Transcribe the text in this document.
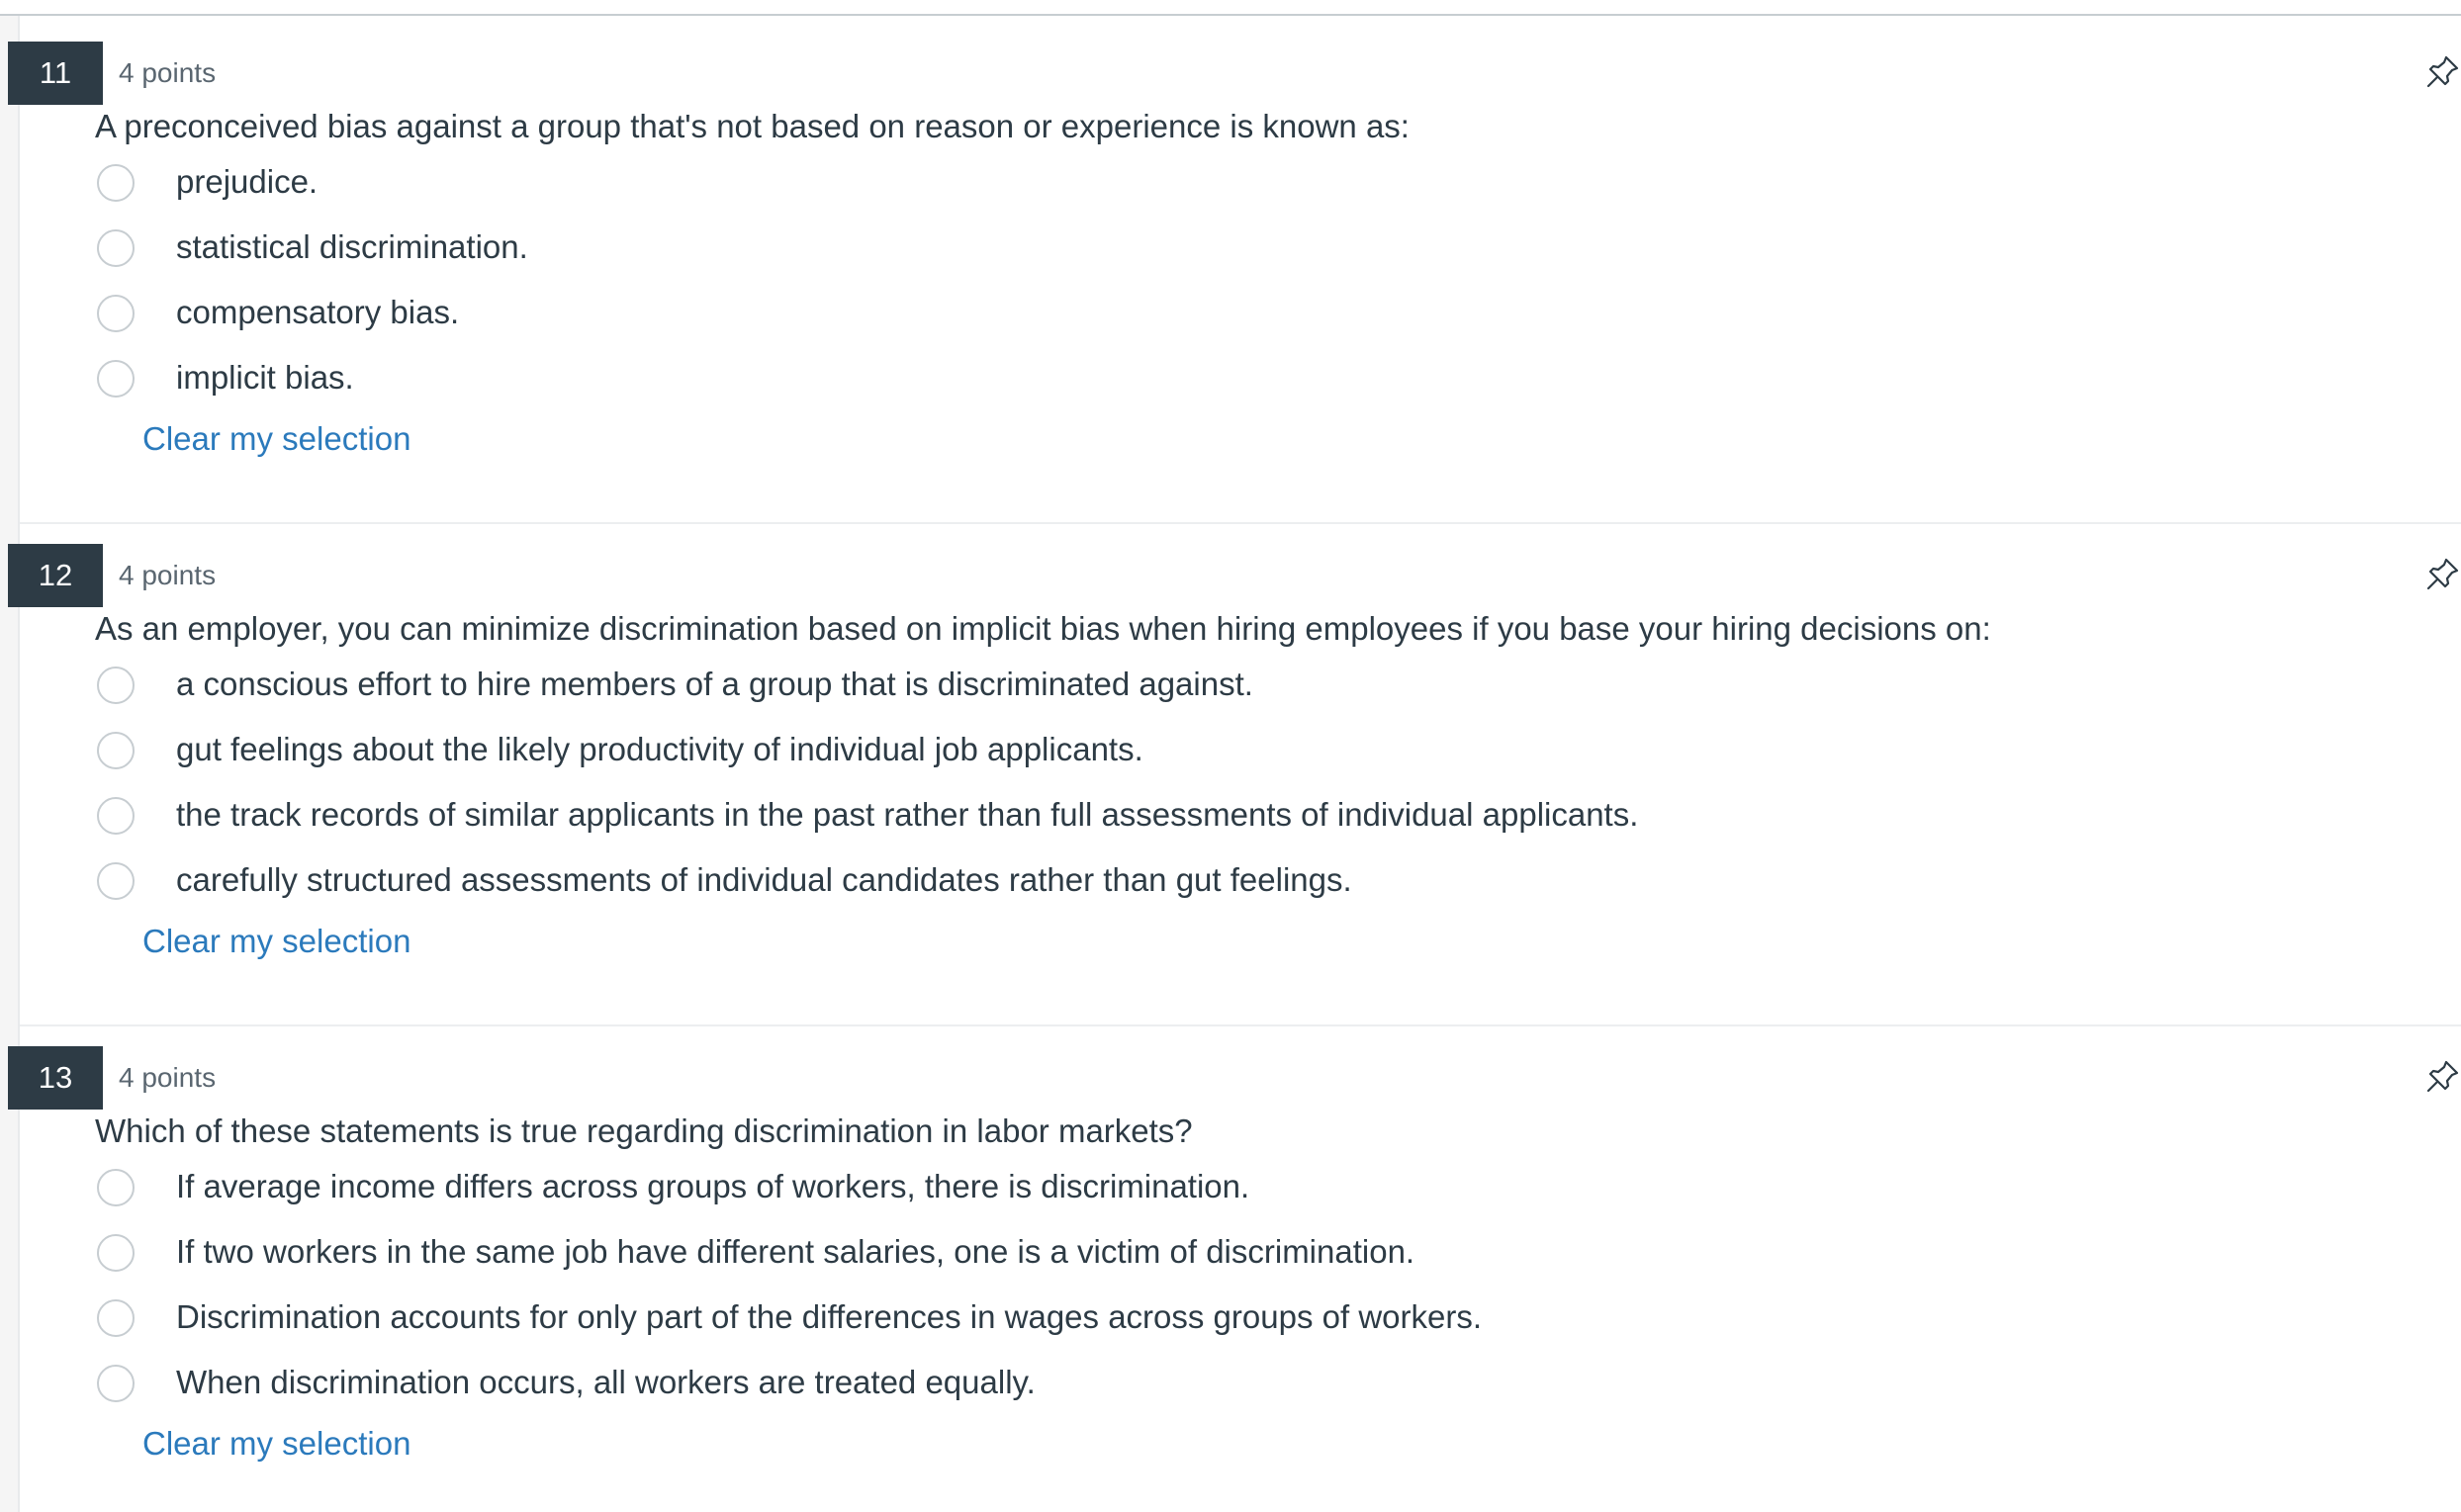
11	4 points
A preconceived bias against a group that's not based on reason or experience is known as:
prejudice.
statistical discrimination.
compensatory bias.
implicit bias.
Clear my selection
12	4 points
As an employer, you can minimize discrimination based on implicit bias when hiring employees if you base your hiring decisions on:
a conscious effort to hire members of a group that is discriminated against.
gut feelings about the likely productivity of individual job applicants.
the track records of similar applicants in the past rather than full assessments of individual applicants.
carefully structured assessments of individual candidates rather than gut feelings.
Clear my selection
13	4 points
Which of these statements is true regarding discrimination in labor markets?
If average income differs across groups of workers, there is discrimination.
If two workers in the same job have different salaries, one is a victim of discrimination.
Discrimination accounts for only part of the differences in wages across groups of workers.
When discrimination occurs, all workers are treated equally.
Clear my selection
